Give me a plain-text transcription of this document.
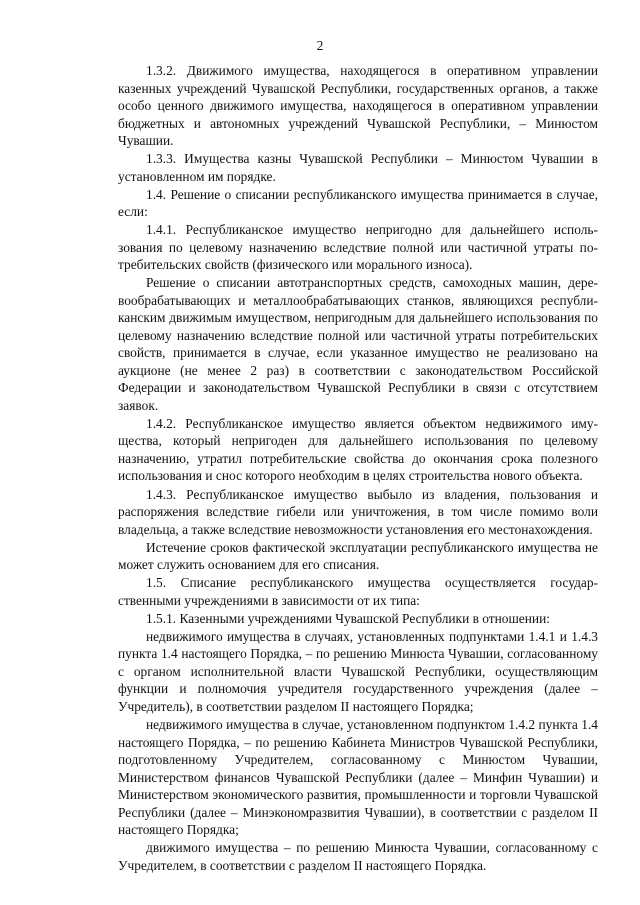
2

1.3.2. Движимого имущества, находящегося в оперативном управлении казенных учреждений Чувашской Республики, государственных органов, а также особо ценного движимого имущества, находящегося в оперативном управлении бюджетных и автономных учреждений Чувашской Республики, – Минюстом Чувашии.

1.3.3. Имущества казны Чувашской Республики – Минюстом Чувашии в установленном им порядке.

1.4. Решение о списании республиканского имущества принимается в случае, если:

1.4.1. Республиканское имущество непригодно для дальнейшего использования по целевому назначению вследствие полной или частичной утраты потребительских свойств (физического или морального износа).

Решение о списании автотранспортных средств, самоходных машин, деревообрабатывающих и металлообрабатывающих станков, являющихся республиканским движимым имуществом, непригодным для дальнейшего использования по целевому назначению вследствие полной или частичной утраты потребительских свойств, принимается в случае, если указанное имущество не реализовано на аукционе (не менее 2 раз) в соответствии с законодательством Российской Федерации и законодательством Чувашской Республики в связи с отсутствием заявок.

1.4.2. Республиканское имущество является объектом недвижимого имущества, который непригоден для дальнейшего использования по целевому назначению, утратил потребительские свойства до окончания срока полезного использования и снос которого необходим в целях строительства нового объекта.

1.4.3. Республиканское имущество выбыло из владения, пользования и распоряжения вследствие гибели или уничтожения, в том числе помимо воли владельца, а также вследствие невозможности установления его местонахождения.

Истечение сроков фактической эксплуатации республиканского имущества не может служить основанием для его списания.

1.5. Списание республиканского имущества осуществляется государственными учреждениями в зависимости от их типа:

1.5.1. Казенными учреждениями Чувашской Республики в отношении:

недвижимого имущества в случаях, установленных подпунктами 1.4.1 и 1.4.3 пункта 1.4 настоящего Порядка, – по решению Минюста Чувашии, согласованному с органом исполнительной власти Чувашской Республики, осуществляющим функции и полномочия учредителя государственного учреждения (далее – Учредитель), в соответствии разделом II настоящего Порядка;

недвижимого имущества в случае, установленном подпунктом 1.4.2 пункта 1.4 настоящего Порядка, – по решению Кабинета Министров Чувашской Республики, подготовленному Учредителем, согласованному с Минюстом Чувашии, Министерством финансов Чувашской Республики (далее – Минфин Чувашии) и Министерством экономического развития, промышленности и торговли Чувашской Республики (далее – Минэкономразвития Чувашии), в соответствии с разделом II настоящего Порядка;

движимого имущества – по решению Минюста Чувашии, согласованному с Учредителем, в соответствии с разделом II настоящего Порядка.
